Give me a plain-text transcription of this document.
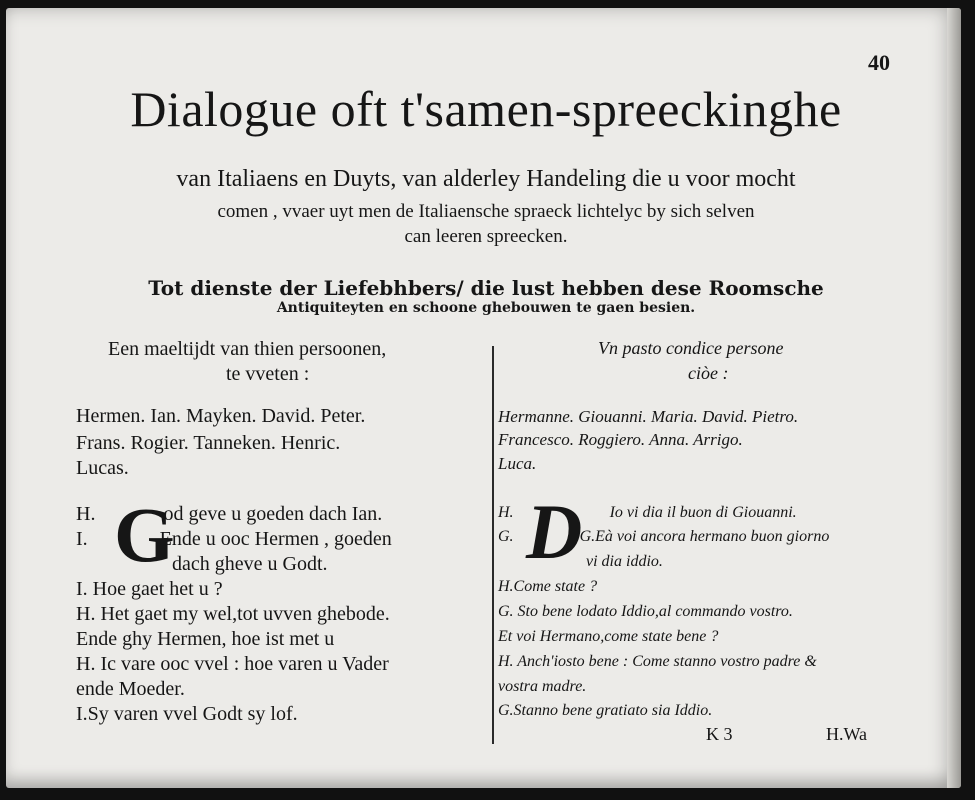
40
Dialogue oft t'samen-spreeckinghe
van Italiaens en Duyts, van alderley Handeling die u voor mocht
comen , vvaer uyt men de Italiaensche spraeck lichtelyc by sich selven
can leeren spreecken.
Tot dienste der Liefebhbers/ die lust hebben dese Roomsche
Antiquiteyten en schoone ghebouwen te gaen besien.
Een maeltijdt van thien persoonen,
te vveten :
Hermen. Ian. Mayken. David. Peter.
Frans. Rogier. Tanneken. Henric.
Lucas.
G
H.	od geve u goeden dach Ian.
I.	Ende u ooc Hermen , goeden
dach gheve u Godt.
I. Hoe gaet het u ?
H. Het gaet my wel,tot uvven ghebode.
Ende ghy Hermen, hoe ist met u
H. Ic vare ooc vvel : hoe varen u Vader
ende Moeder.
I.Sy varen vvel Godt sy lof.
Vn pasto condice persone
ciòe :
Hermanne. Giouanni. Maria. David. Pietro.
Francesco. Roggiero. Anna. Arrigo.
Luca.
D
H.	Io vi dia il buon di Giouanni.
G.	G.Eà voi ancora hermano buon giorno
vi dia iddio.
H.Come state ?
G. Sto bene lodato Iddio,al commando vostro.
Et voi Hermano,come state bene ?
H. Anch'iosto bene : Come stanno vostro padre &
vostra madre.
G.Stanno bene gratiato sia Iddio.
K 3	H.Wa
